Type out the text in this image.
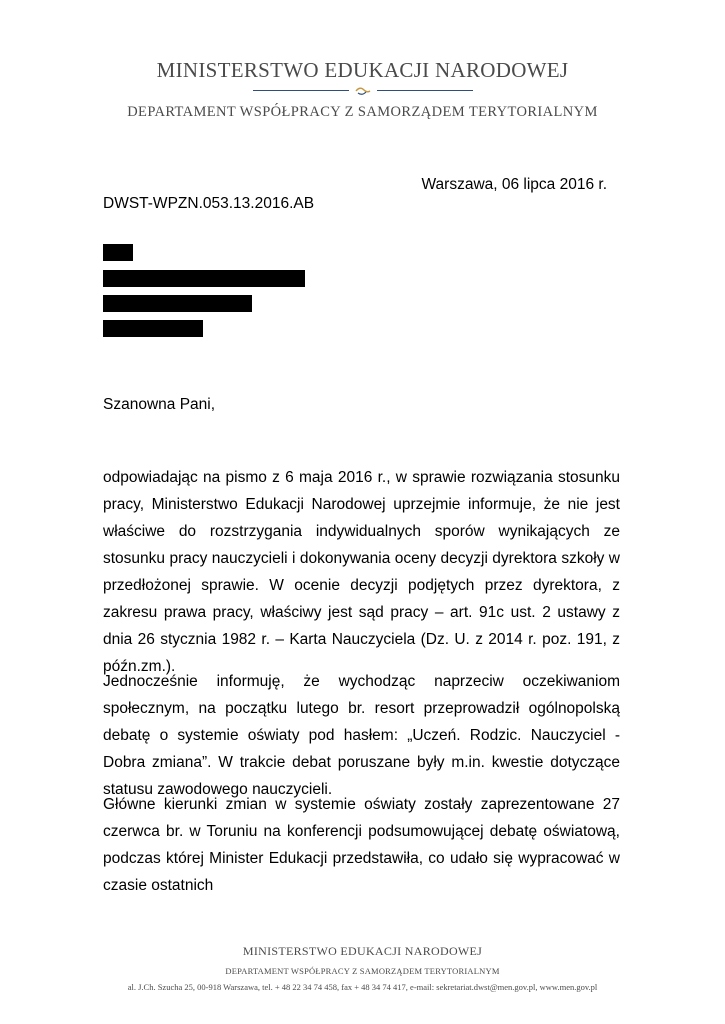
MINISTERSTWO EDUKACJI NARODOWEJ
DEPARTAMENT WSPÓŁPRACY Z SAMORZĄDEM TERYTORIALNYM
Warszawa, 06 lipca 2016 r.
DWST-WPZN.053.13.2016.AB
Szanowna Pani,

odpowiadając na pismo z 6 maja 2016 r., w sprawie rozwiązania stosunku pracy, Ministerstwo Edukacji Narodowej uprzejmie informuje, że nie jest właściwe do rozstrzygania indywidualnych sporów wynikających ze stosunku pracy nauczycieli i dokonywania oceny decyzji dyrektora szkoły w przedłożonej sprawie. W ocenie decyzji podjętych przez dyrektora, z zakresu prawa pracy, właściwy jest sąd pracy – art. 91c ust. 2 ustawy z dnia 26 stycznia 1982 r. – Karta Nauczyciela (Dz. U. z 2014 r. poz. 191, z późn.zm.).

Jednocześnie informuję, że wychodząc naprzeciw oczekiwaniom społecznym, na początku lutego br. resort przeprowadził ogólnopolską debatę o systemie oświaty pod hasłem: „Uczeń. Rodzic. Nauczyciel - Dobra zmiana”. W trakcie debat poruszane były m.in. kwestie dotyczące statusu zawodowego nauczycieli.

Główne kierunki zmian w systemie oświaty zostały zaprezentowane 27 czerwca br. w Toruniu na konferencji podsumowującej debatę oświatową, podczas której Minister Edukacji przedstawiła, co udało się wypracować w czasie ostatnich

MINISTERSTWO EDUKACJI NARODOWEJ
DEPARTAMENT WSPÓŁPRACY Z SAMORZĄDEM TERYTORIALNYM
al. J.Ch. Szucha 25, 00-918 Warszawa, tel. + 48 22 34 74 458, fax + 48 34 74 417, e-mail: sekretariat.dwst@men.gov.pl, www.men.gov.pl
